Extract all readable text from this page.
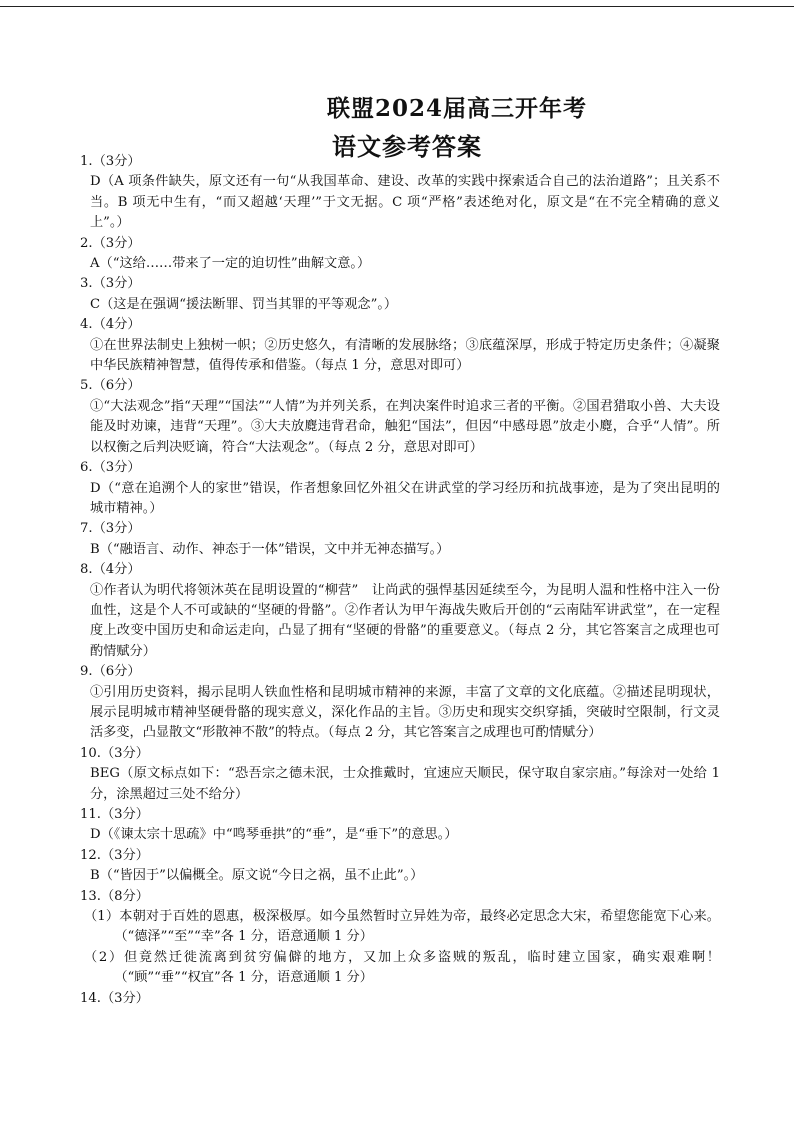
联盟2024届高三开年考
语文参考答案

1.（3分）

D（A 项条件缺失，原文还有一句“从我国革命、建设、改革的实践中探索适合自己的法治道路”；且关系不当。B 项无中生有，“而又超越‘天理’”于文无据。C 项“严格”表述绝对化，原文是“在不完全精确的意义上”。）

2.（3分）

A（“这给……带来了一定的迫切性”曲解文意。）

3.（3分）

C（这是在强调“援法断罪、罚当其罪的平等观念”。）

4.（4分）

①在世界法制史上独树一帜；②历史悠久，有清晰的发展脉络；③底蕴深厚，形成于特定历史条件；④凝聚中华民族精神智慧，值得传承和借鉴。（每点 1 分，意思对即可）

5.（6分）

①“大法观念”指“天理”“国法”“人情”为并列关系，在判决案件时追求三者的平衡。②国君猎取小兽、大夫设能及时劝谏，违背“天理”。③大夫放麑违背君命，触犯“国法”，但因“中感母恩”放走小麑，合乎“人情”。所以权衡之后判决贬谪，符合“大法观念”。（每点 2 分，意思对即可）

6.（3分）

D（“意在追溯个人的家世”错误，作者想象回忆外祖父在讲武堂的学习经历和抗战事迹，是为了突出昆明的城市精神。）

7.（3分）

B（“融语言、动作、神态于一体”错误，文中并无神态描写。）

8.（4分）

①作者认为明代将领沐英在昆明设置的“柳营”　让尚武的强悍基因延续至今，为昆明人温和性格中注入一份血性，这是个人不可或缺的“坚硬的骨骼”。②作者认为甲午海战失败后开创的“云南陆军讲武堂”，在一定程度上改变中国历史和命运走向，凸显了拥有“坚硬的骨骼”的重要意义。（每点 2 分，其它答案言之成理也可酌情赋分）

9.（6分）

①引用历史资料，揭示昆明人铁血性格和昆明城市精神的来源，丰富了文章的文化底蕴。②描述昆明现状，展示昆明城市精神坚硬骨骼的现实意义，深化作品的主旨。③历史和现实交织穿插，突破时空限制，行文灵活多变，凸显散文“形散神不散”的特点。（每点 2 分，其它答案言之成理也可酌情赋分）

10.（3分）

BEG（原文标点如下：“恐吾宗之德未泯，士众推戴时，宜速应天顺民，保守取自家宗庙。”每涂对一处给 1 分，涂黑超过三处不给分）

11.（3分）

D（《谏太宗十思疏》中“鸣琴垂拱”的“垂”，是“垂下”的意思。）

12.（3分）

B（“皆因于”以偏概全。原文说“今日之祸，虽不止此”。）

13.（8分）

（1）本朝对于百姓的恩惠，极深极厚。如今虽然暂时立异姓为帝，最终必定思念大宋，希望您能宽下心来。（“德泽”“至”“幸”各 1 分，语意通顺 1 分）

（2）但竟然迁徙流离到贫穷偏僻的地方，又加上众多盗贼的叛乱，临时建立国家，确实艰难啊！（“顾”“垂”“权宜”各 1 分，语意通顺 1 分）

14.（3分）
